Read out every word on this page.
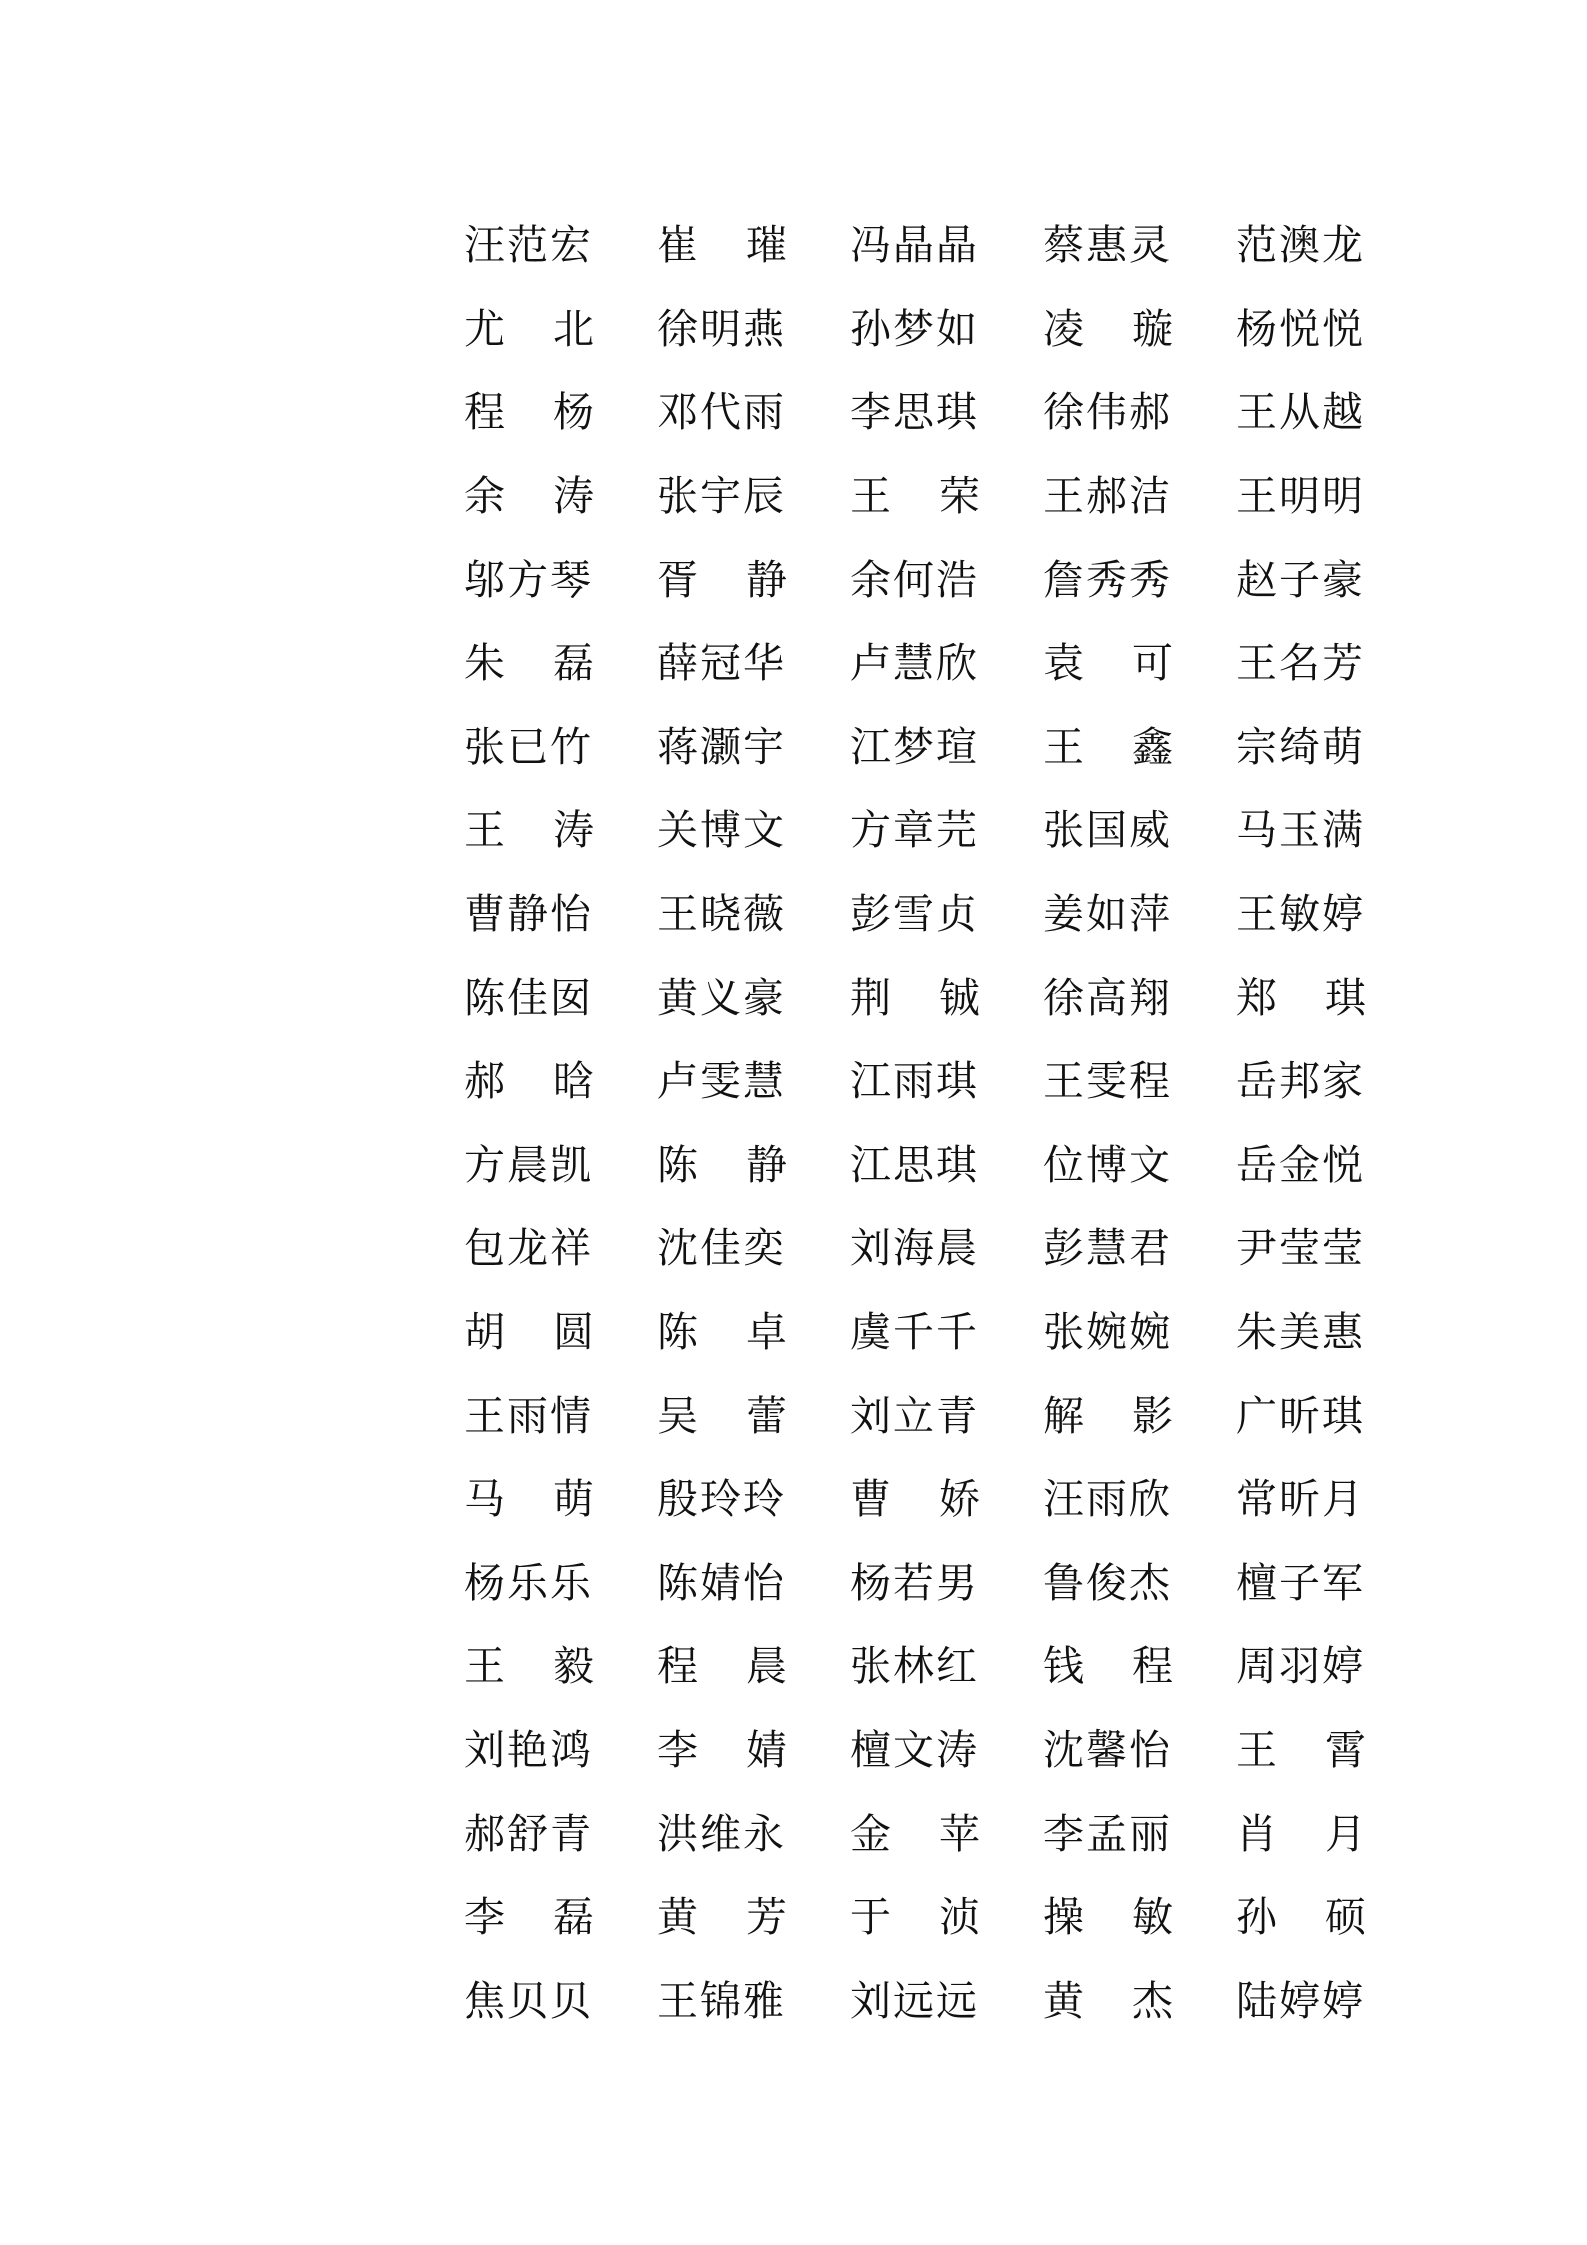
汪范宏 崔 璀 冯晶晶 蔡惠灵 范澳龙
尤 北 徐明燕 孙梦如 凌 璇 杨悦悦
程 杨 邓代雨 李思琪 徐伟郝 王从越
余 涛 张宇辰 王 荣 王郝洁 王明明
邬方琴 胥 静 余何浩 詹秀秀 赵子豪
朱 磊 薛冠华 卢慧欣 袁 可 王名芳
张已竹 蒋灏宇 江梦瑄 王 鑫 宗绮萌
王 涛 关博文 方章芫 张国威 马玉满
曹静怡 王晓薇 彭雪贞 姜如萍 王敏婷
陈佳囡 黄义豪 荆 铖 徐高翔 郑 琪
郝 晗 卢雯慧 江雨琪 王雯程 岳邦家
方晨凯 陈 静 江思琪 位博文 岳金悦
包龙祥 沈佳奕 刘海晨 彭慧君 尹莹莹
胡 圆 陈 卓 虞千千 张婉婉 朱美惠
王雨情 吴 蕾 刘立青 解 影 广昕琪
马 萌 殷玲玲 曹 娇 汪雨欣 常昕月
杨乐乐 陈婧怡 杨若男 鲁俊杰 檀子军
王 毅 程 晨 张林红 钱 程 周羽婷
刘艳鸿 李 婧 檀文涛 沈馨怡 王 霄
郝舒青 洪维永 金 苹 李孟丽 肖 月
李 磊 黄 芳 于 浈 操 敏 孙 硕
焦贝贝 王锦雅 刘远远 黄 杰 陆婷婷
